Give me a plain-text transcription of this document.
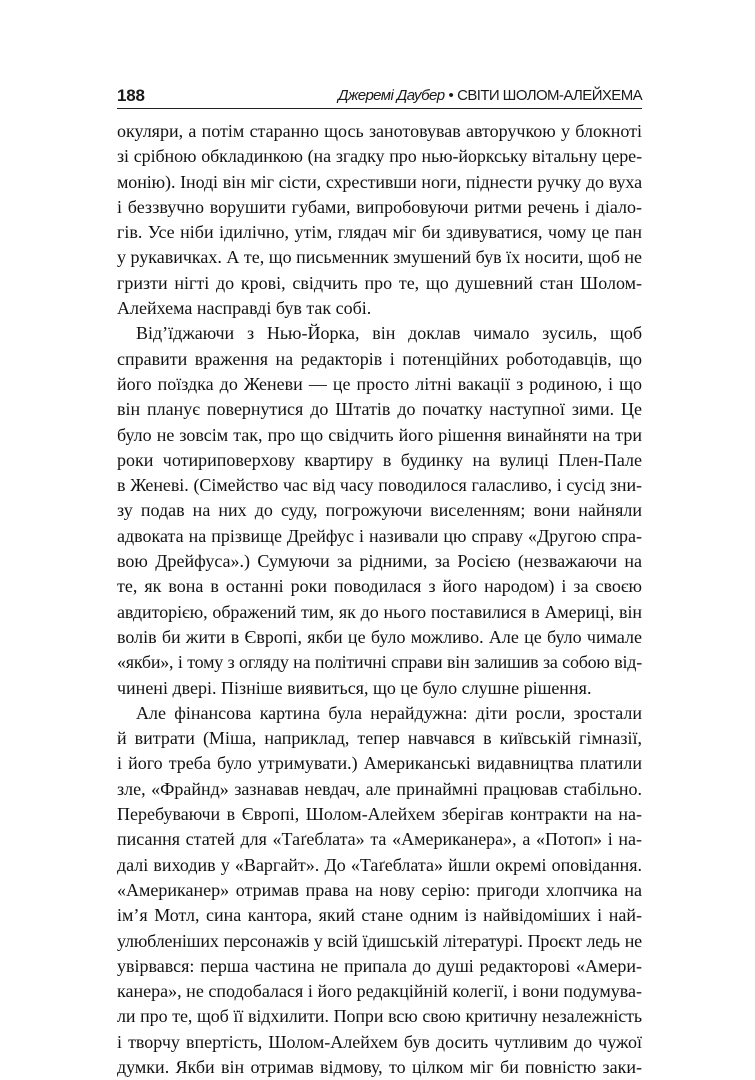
188	Джеремі Даубер • СВІТИ ШОЛОМ-АЛЕЙХЕМА
окуляри, а потім старанно щось занотовував авторучкою у блокноті
зі срібною обкладинкою (на згадку про нью-йоркську вітальну цере-
монію). Іноді він міг сісти, схрестивши ноги, піднести ручку до вуха
і беззвучно ворушити губами, випробовуючи ритми речень і діало-
гів. Усе ніби ідилічно, утім, глядач міг би здивуватися, чому це пан
у рукавичках. А те, що письменник змушений був їх носити, щоб не
гризти нігті до крові, свідчить про те, що душевний стан Шолом-
Алейхема насправді був так собі.
Від’їджаючи з Нью-Йорка, він доклав чимало зусиль, щоб
справити враження на редакторів і потенційних роботодавців, що
його поїздка до Женеви — це просто літні вакації з родиною, і що
він планує повернутися до Штатів до початку наступної зими. Це
було не зовсім так, про що свідчить його рішення винайняти на три
роки чотириповерхову квартиру в будинку на вулиці Плен-Пале
в Женеві. (Сімейство час від часу поводилося галасливо, і сусід зни-
зу подав на них до суду, погрожуючи виселенням; вони найняли
адвоката на прізвище Дрейфус і називали цю справу «Другою спра-
вою Дрейфуса».) Сумуючи за рідними, за Росією (незважаючи на
те, як вона в останні роки поводилася з його народом) і за своєю
авдиторією, ображений тим, як до нього поставилися в Америці, він
волів би жити в Європі, якби це було можливо. Але це було чимале
«якби», і тому з огляду на політичні справи він залишив за собою від-
чинені двері. Пізніше виявиться, що це було слушне рішення.
Але фінансова картина була нерайдужна: діти росли, зростали
й витрати (Міша, наприклад, тепер навчався в київській гімназії,
і його треба було утримувати.) Американські видавництва платили
зле, «Фрайнд» зазнавав невдач, але принаймні працював стабільно.
Перебуваючи в Європі, Шолом-Алейхем зберігав контракти на на-
писання статей для «Таґеблата» та «Американера», а «Потоп» і на-
далі виходив у «Варгайт». До «Таґеблата» йшли окремі оповідання.
«Американер» отримав права на нову серію: пригоди хлопчика на
ім’я Мотл, сина кантора, який стане одним із найвідоміших і най-
улюбленіших персонажів у всій їдишській літературі. Проєкт ледь не
увірвався: перша частина не припала до душі редакторові «Амери-
канера», не сподобалася і його редакційній колегії, і вони подумува-
ли про те, щоб її відхилити. Попри всю свою критичну незалежність
і творчу впертість, Шолом-Алейхем був досить чутливим до чужої
думки. Якби він отримав відмову, то цілком міг би повністю заки-
